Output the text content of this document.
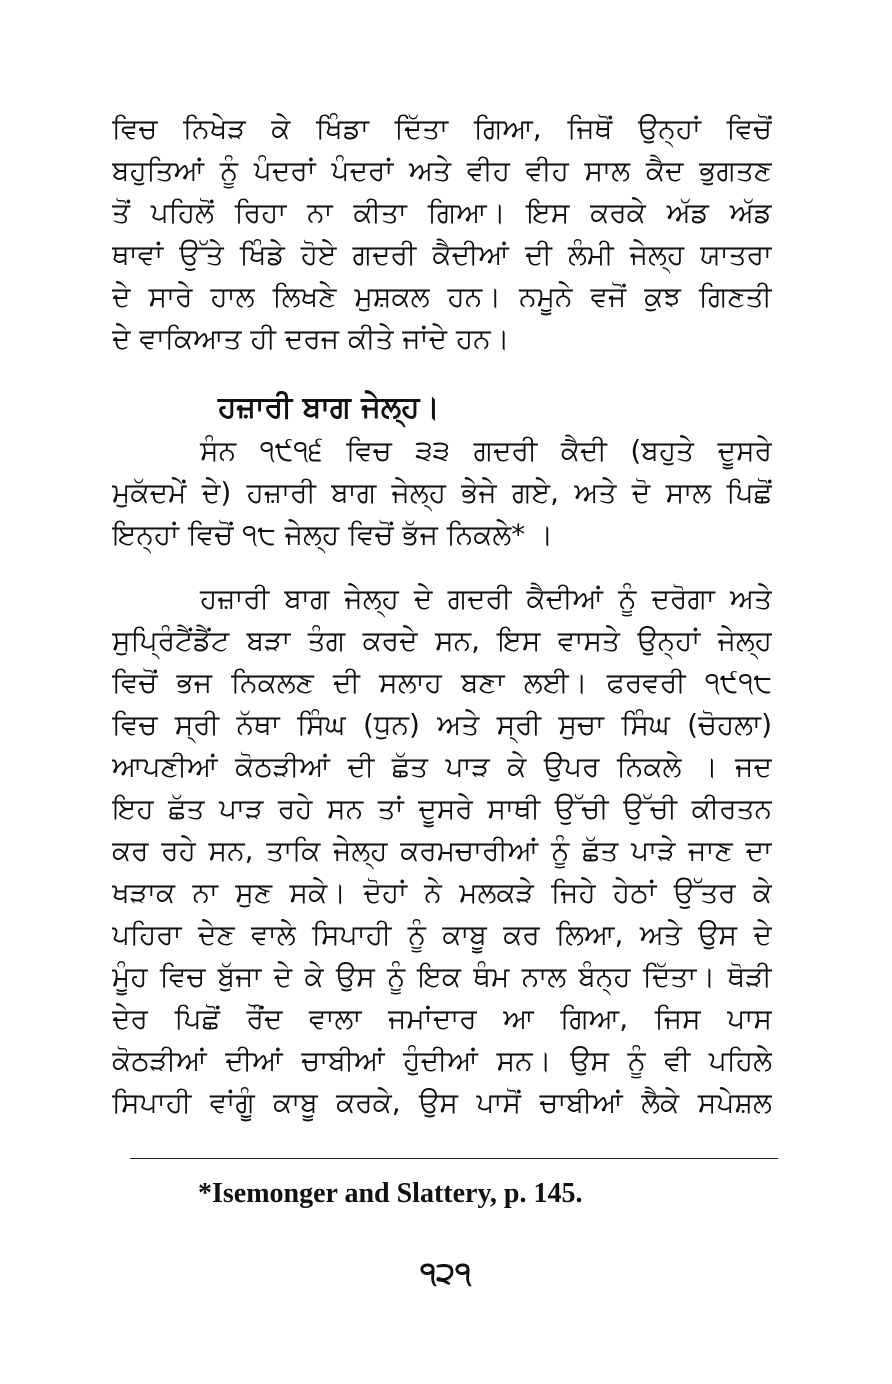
ਵਿਚ ਨਿਖੇੜ ਕੇ ਖਿੰਡਾ ਦਿੱਤਾ ਗਿਆ, ਜਿਥੋਂ ਉਨ੍ਹਾਂ ਵਿਚੋਂ
ਬਹੁਤਿਆਂ ਨੂੰ ਪੰਦਰਾਂ ਪੰਦਰਾਂ ਅਤੇ ਵੀਹ ਵੀਹ ਸਾਲ ਕੈਦ ਭੁਗਤਣ
ਤੋਂ ਪਹਿਲੋਂ ਰਿਹਾ ਨਾ ਕੀਤਾ ਗਿਆ। ਇਸ ਕਰਕੇ ਅੱਡ ਅੱਡ
ਥਾਵਾਂ ਉੱਤੇ ਖਿੰਡੇ ਹੋਏ ਗਦਰੀ ਕੈਦੀਆਂ ਦੀ ਲੰਮੀ ਜੇਲ੍ਹ ਯਾਤਰਾ
ਦੇ ਸਾਰੇ ਹਾਲ ਲਿਖਣੇ ਮੁਸ਼ਕਲ ਹਨ। ਨਮੂਨੇ ਵਜੋਂ ਕੁਝ ਗਿਣਤੀ
ਦੇ ਵਾਕਿਆਤ ਹੀ ਦਰਜ ਕੀਤੇ ਜਾਂਦੇ ਹਨ।
ਹਜ਼ਾਰੀ ਬਾਗ ਜੇਲ੍ਹ।
ਸੰਨ ੧੯੧੬ ਵਿਚ ੩੩ ਗਦਰੀ ਕੈਦੀ (ਬਹੁਤੇ ਦੂਸਰੇ
ਮੁਕੱਦਮੇਂ ਦੇ) ਹਜ਼ਾਰੀ ਬਾਗ ਜੇਲ੍ਹ ਭੇਜੇ ਗਏ, ਅਤੇ ਦੋ ਸਾਲ ਪਿਛੋਂ
ਇਨ੍ਹਾਂ ਵਿਚੋਂ ੧੮ ਜੇਲ੍ਹ ਵਿਚੋਂ ਭੱਜ ਨਿਕਲੇ* ।
ਹਜ਼ਾਰੀ ਬਾਗ ਜੇਲ੍ਹ ਦੇ ਗਦਰੀ ਕੈਦੀਆਂ ਨੂੰ ਦਰੋਗਾ ਅਤੇ
ਸੁਪ੍ਰਿੰਟੈਂਡੈਂਟ ਬੜਾ ਤੰਗ ਕਰਦੇ ਸਨ, ਇਸ ਵਾਸਤੇ ਉਨ੍ਹਾਂ ਜੇਲ੍ਹ
ਵਿਚੋਂ ਭਜ ਨਿਕਲਣ ਦੀ ਸਲਾਹ ਬਣਾ ਲਈ। ਫਰਵਰੀ ੧੯੧੮
ਵਿਚ ਸ੍ਰੀ ਨੱਥਾ ਸਿੰਘ (ਧੁਨ) ਅਤੇ ਸ੍ਰੀ ਸੁਚਾ ਸਿੰਘ (ਚੋਹਲਾ)
ਆਪਣੀਆਂ ਕੋਠੜੀਆਂ ਦੀ ਛੱਤ ਪਾੜ ਕੇ ਉਪਰ ਨਿਕਲੇ । ਜਦ
ਇਹ ਛੱਤ ਪਾੜ ਰਹੇ ਸਨ ਤਾਂ ਦੂਸਰੇ ਸਾਥੀ ਉੱਚੀ ਉੱਚੀ ਕੀਰਤਨ
ਕਰ ਰਹੇ ਸਨ, ਤਾਕਿ ਜੇਲ੍ਹ ਕਰਮਚਾਰੀਆਂ ਨੂੰ ਛੱਤ ਪਾੜੇ ਜਾਣ ਦਾ
ਖੜਾਕ ਨਾ ਸੁਣ ਸਕੇ। ਦੋਹਾਂ ਨੇ ਮਲਕੜੇ ਜਿਹੇ ਹੇਠਾਂ ਉੱਤਰ ਕੇ
ਪਹਿਰਾ ਦੇਣ ਵਾਲੇ ਸਿਪਾਹੀ ਨੂੰ ਕਾਬੂ ਕਰ ਲਿਆ, ਅਤੇ ਉਸ ਦੇ
ਮੂੰਹ ਵਿਚ ਬੁੱਜਾ ਦੇ ਕੇ ਉਸ ਨੂੰ ਇਕ ਥੰਮ ਨਾਲ ਬੰਨ੍ਹ ਦਿੱਤਾ। ਥੋੜੀ
ਦੇਰ ਪਿਛੋਂ ਰੌਂਦ ਵਾਲਾ ਜਮਾਂਦਾਰ ਆ ਗਿਆ, ਜਿਸ ਪਾਸ
ਕੋਠੜੀਆਂ ਦੀਆਂ ਚਾਬੀਆਂ ਹੁੰਦੀਆਂ ਸਨ। ਉਸ ਨੂੰ ਵੀ ਪਹਿਲੇ
ਸਿਪਾਹੀ ਵਾਂਗੂੰ ਕਾਬੂ ਕਰਕੇ, ਉਸ ਪਾਸੋਂ ਚਾਬੀਆਂ ਲੈਕੇ ਸਪੇਸ਼ਲ
*Isemonger and Slattery, p. 145.
੧੨੧
